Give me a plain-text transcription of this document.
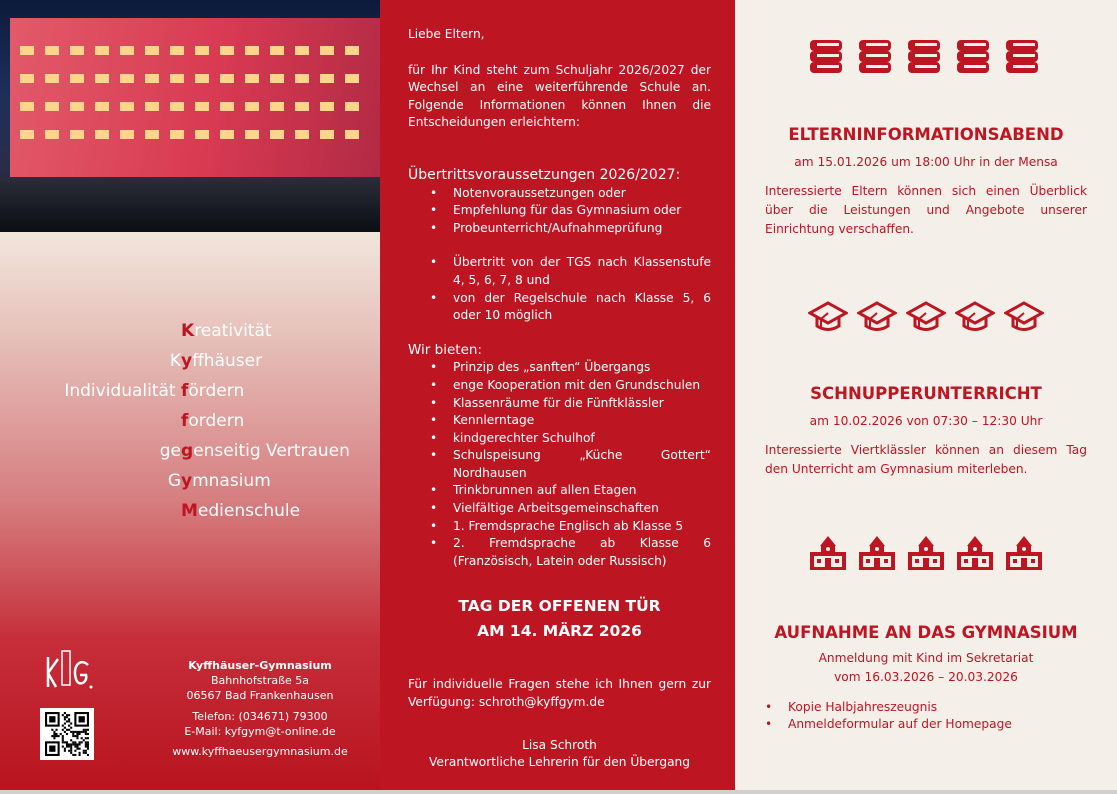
Kreativität
Kyffhäuser
Individualität fördern
fordern
gegenseitig Vertrauen
Gymnasium
Medienschule
Kyffhäuser-Gymnasium
Bahnhofstraße 5a
06567 Bad Frankenhausen
Telefon: (034671) 79300
E-Mail: kyfgym@t-online.de
www.kyffhaeusergymnasium.de

Liebe Eltern,

für Ihr Kind steht zum Schuljahr 2026/2027 der Wechsel an eine weiterführende Schule an. Folgende Informationen können Ihnen die Entscheidungen erleichtern:

Übertrittsvoraussetzungen 2026/2027:

• Notenvoraussetzungen oder
• Empfehlung für das Gymnasium oder
• Probeunterricht/Aufnahmeprüfung
• Übertritt von der TGS nach Klassenstufe 4, 5, 6, 7, 8 und
• von der Regelschule nach Klasse 5, 6 oder 10 möglich

Wir bieten:

• Prinzip des „sanften“ Übergangs
• enge Kooperation mit den Grundschulen
• Klassenräume für die Fünftklässler
• Kennlerntage
• kindgerechter Schulhof
• Schulspeisung „Küche Gottert“ Nordhausen
• Trinkbrunnen auf allen Etagen
• Vielfältige Arbeitsgemeinschaften
• 1. Fremdsprache Englisch ab Klasse 5
• 2. Fremdsprache ab Klasse 6 (Französisch, Latein oder Russisch)
TAG DER OFFENEN TÜR
AM 14. MÄRZ 2026

Für individuelle Fragen stehe ich Ihnen gern zur Verfügung: schroth@kyffgym.de

Lisa Schroth
Verantwortliche Lehrerin für den Übergang
ELTERNINFORMATIONSABEND

am 15.01.2026 um 18:00 Uhr in der Mensa

Interessierte Eltern können sich einen Überblick über die Leistungen und Angebote unserer Einrichtung verschaffen.

SCHNUPPERUNTERRICHT

am 10.02.2026 von 07:30 – 12:30 Uhr

Interessierte Viertklässler können an diesem Tag den Unterricht am Gymnasium miterleben.

AUFNAHME AN DAS GYMNASIUM

Anmeldung mit Kind im Sekretariat

vom 16.03.2026 – 20.03.2026

• Kopie Halbjahreszeugnis
• Anmeldeformular auf der Homepage
